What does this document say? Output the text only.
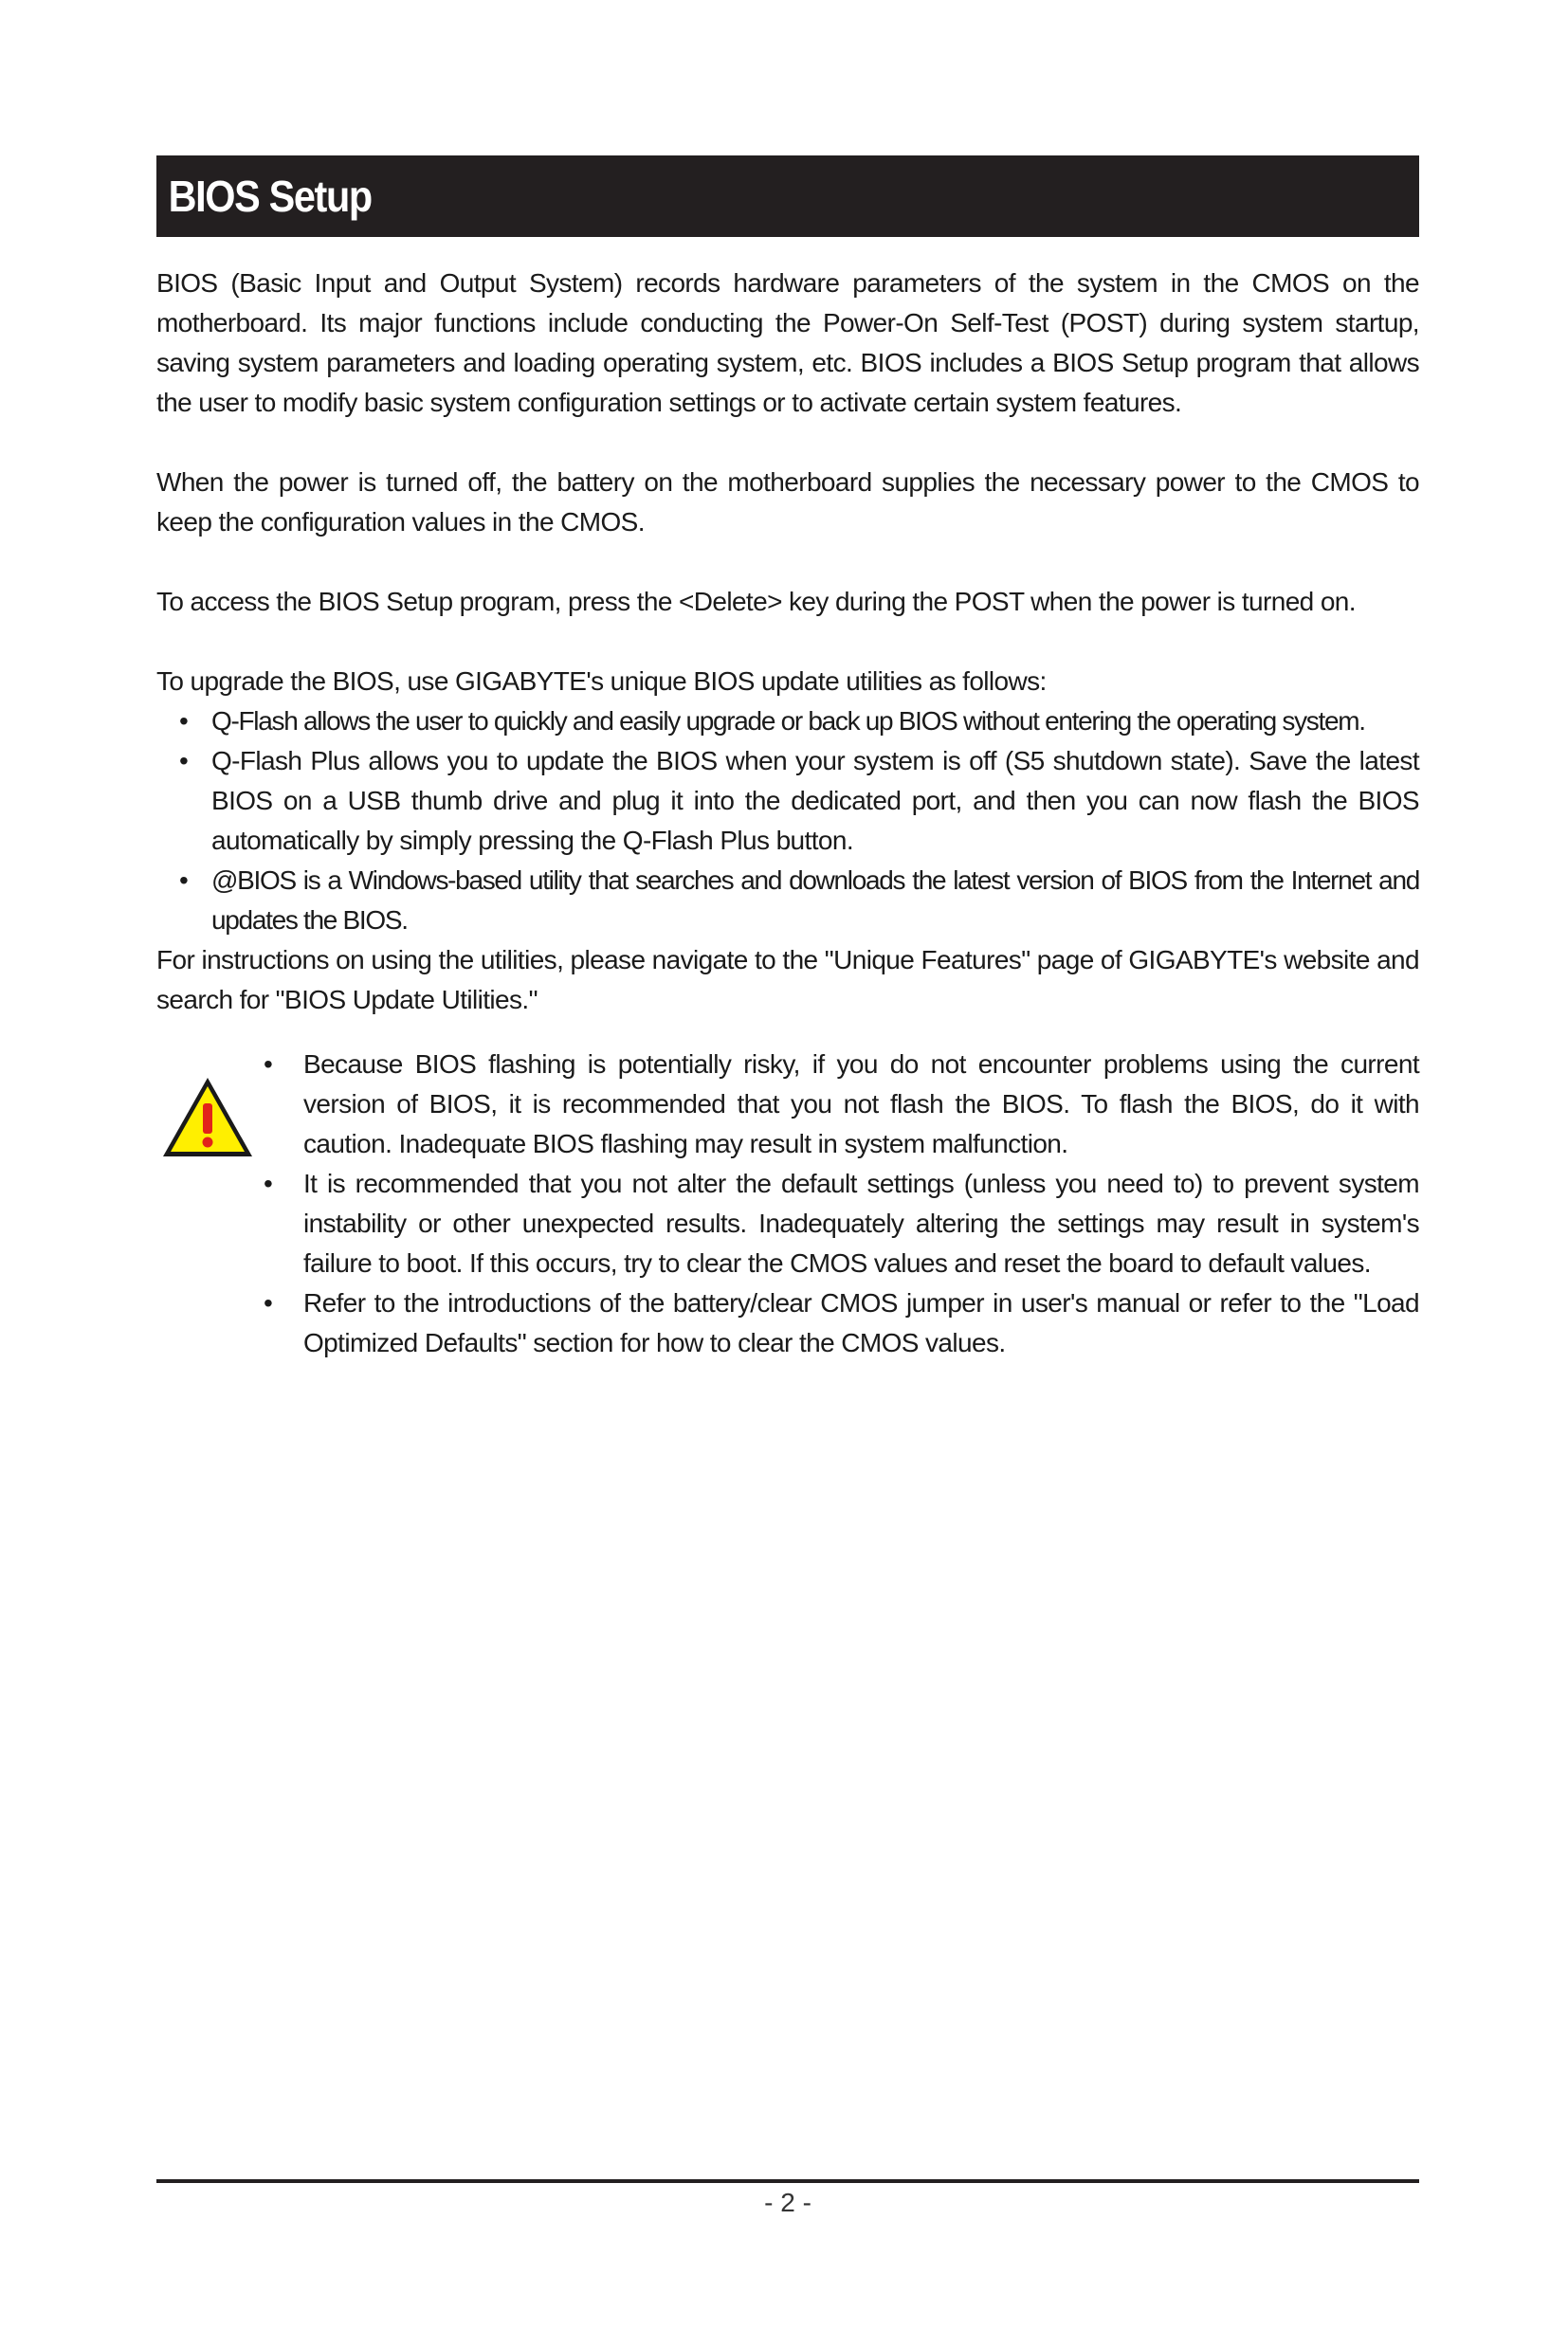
BIOS Setup

BIOS (Basic Input and Output System) records hardware parameters of the system in the CMOS on the motherboard. Its major functions include conducting the Power-On Self-Test (POST) during system startup, saving system parameters and loading operating system, etc. BIOS includes a BIOS Setup program that allows the user to modify basic system configuration settings or to activate certain system features.

When the power is turned off, the battery on the motherboard supplies the necessary power to the CMOS to keep the configuration values in the CMOS.

To access the BIOS Setup program, press the <Delete> key during the POST when the power is turned on.

To upgrade the BIOS, use GIGABYTE's unique BIOS update utilities as follows:

• Q-Flash allows the user to quickly and easily upgrade or back up BIOS without entering the operating system.
• Q-Flash Plus allows you to update the BIOS when your system is off (S5 shutdown state). Save the latest BIOS on a USB thumb drive and plug it into the dedicated port, and then you can now flash the BIOS automatically by simply pressing the Q-Flash Plus button.
• @BIOS is a Windows-based utility that searches and downloads the latest version of BIOS from the Internet and updates the BIOS.

For instructions on using the utilities, please navigate to the "Unique Features" page of GIGABYTE's website and search for "BIOS Update Utilities."

• Because BIOS flashing is potentially risky, if you do not encounter problems using the current version of BIOS, it is recommended that you not flash the BIOS. To flash the BIOS, do it with caution. Inadequate BIOS flashing may result in system malfunction.
• It is recommended that you not alter the default settings (unless you need to) to prevent system instability or other unexpected results. Inadequately altering the settings may result in system's failure to boot. If this occurs, try to clear the CMOS values and reset the board to default values.
• Refer to the introductions of the battery/clear CMOS jumper in user's manual or refer to the "Load Optimized Defaults" section for how to clear the CMOS values.
- 2 -
